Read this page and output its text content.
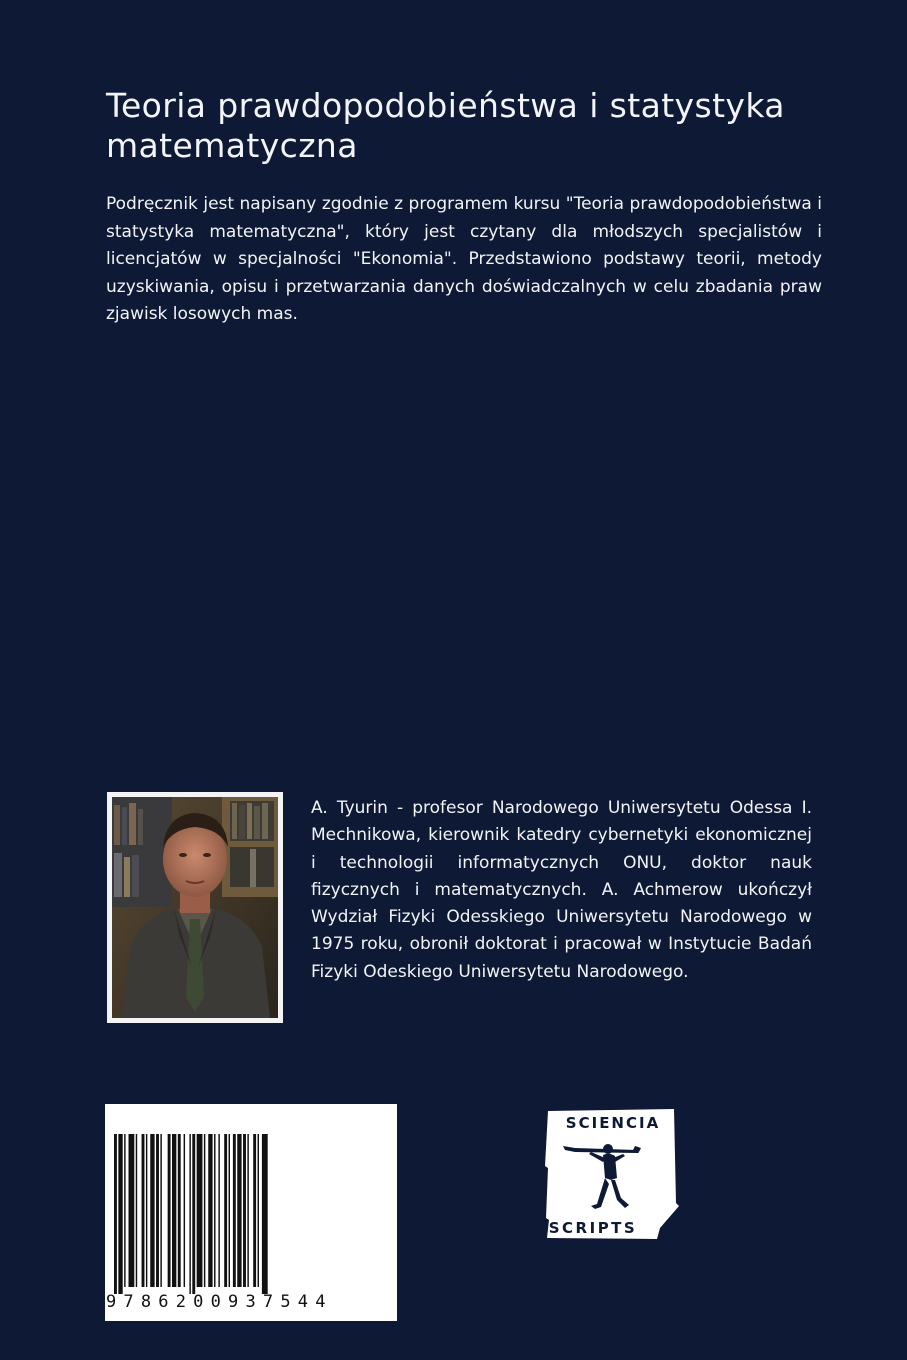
Teoria prawdopodobieństwa i statystyka matematyczna

Podręcznik jest napisany zgodnie z programem kursu "Teoria prawdopodobieństwa i statystyka matematyczna", który jest czytany dla młodszych specjalistów i licencjatów w specjalności "Ekonomia". Przedstawiono podstawy teorii, metody uzyskiwania, opisu i przetwarzania danych doświadczalnych w celu zbadania praw zjawisk losowych mas.

A. Tyurin - profesor Narodowego Uniwersytetu Odessa I. Mechnikowa, kierownik katedry cybernetyki ekonomicznej i technologii informatycznych ONU, doktor nauk fizycznych i matematycznych. A. Achmerow ukończył Wydział Fizyki Odesskiego Uniwersytetu Narodowego w 1975 roku, obronił doktorat i pracował w Instytucie Badań Fizyki Odeskiego Uniwersytetu Narodowego.

9786200937544
SCIENCIA
SCRIPTS
